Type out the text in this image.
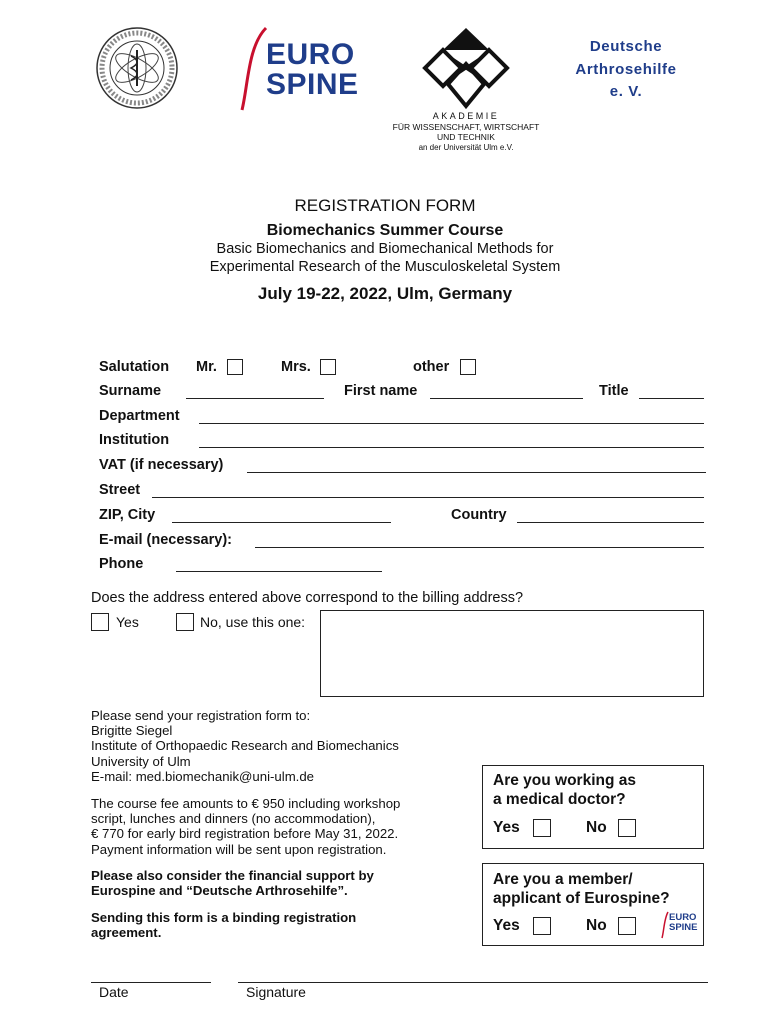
EURO
SPINE
AKADEMIE
FÜR WISSENSCHAFT, WIRTSCHAFT
UND TECHNIK
an der Universität Ulm e.V.
Deutsche
Arthrosehilfe
e. V.
REGISTRATION FORM
Biomechanics Summer Course
Basic Biomechanics and Biomechanical Methods for
Experimental Research of the Musculoskeletal System
July 19-22, 2022, Ulm, Germany
Salutation Mr.	Mrs.	other
Surname	First name	Title
Department
Institution
VAT (if necessary)
Street
ZIP, City	Country
E-mail (necessary):
Phone
Does the address entered above correspond to the billing address?
Yes	No, use this one:
Please send your registration form to:
Brigitte Siegel
Institute of Orthopaedic Research and Biomechanics
University of Ulm
E-mail: med.biomechanik@uni-ulm.de
The course fee amounts to € 950 including workshop
script, lunches and dinners (no accommodation),
€ 770 for early bird registration before May 31, 2022.
Payment information will be sent upon registration.
Please also consider the financial support by
Eurospine and “Deutsche Arthrosehilfe”.
Sending this form is a binding registration
agreement.
Are you working as
a medical doctor?
Yes	No
Are you a member/
applicant of Eurospine?
Yes	No	EURO
SPINE
Date	Signature
